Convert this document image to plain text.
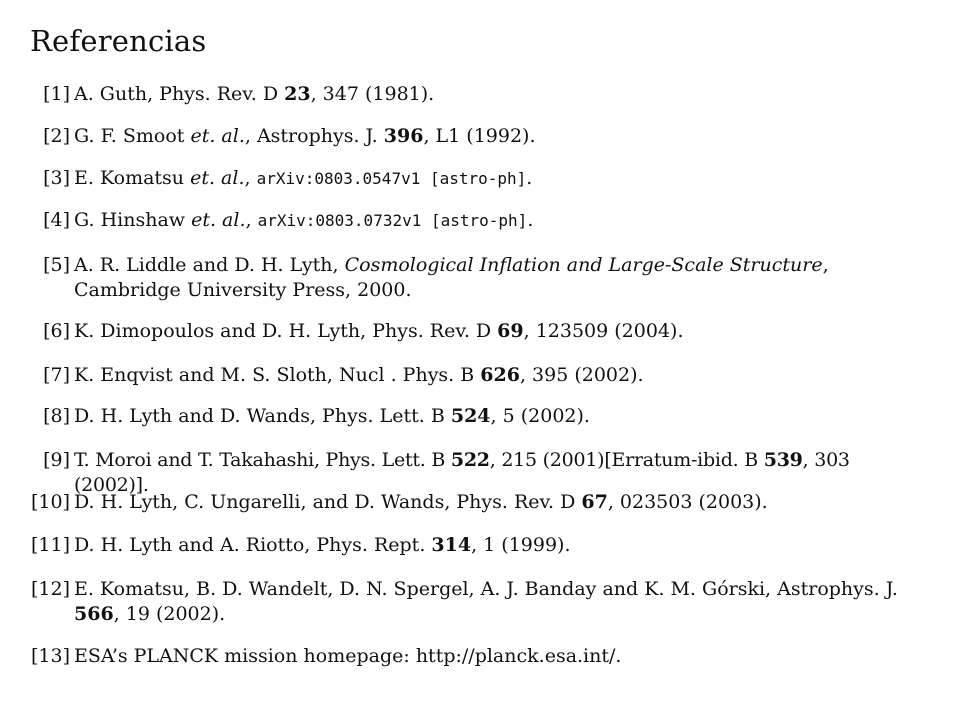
Referencias
[1] A. Guth, Phys. Rev. D 23, 347 (1981).
[2] G. F. Smoot et. al., Astrophys. J. 396, L1 (1992).
[3] E. Komatsu et. al., arXiv:0803.0547v1 [astro-ph].
[4] G. Hinshaw et. al., arXiv:0803.0732v1 [astro-ph].
[5] A. R. Liddle and D. H. Lyth, Cosmological Inflation and Large-Scale Structure, Cambridge University Press, 2000.
[6] K. Dimopoulos and D. H. Lyth, Phys. Rev. D 69, 123509 (2004).
[7] K. Enqvist and M. S. Sloth, Nucl . Phys. B 626, 395 (2002).
[8] D. H. Lyth and D. Wands, Phys. Lett. B 524, 5 (2002).
[9] T. Moroi and T. Takahashi, Phys. Lett. B 522, 215 (2001)[Erratum-ibid. B 539, 303 (2002)].
[10] D. H. Lyth, C. Ungarelli, and D. Wands, Phys. Rev. D 67, 023503 (2003).
[11] D. H. Lyth and A. Riotto, Phys. Rept. 314, 1 (1999).
[12] E. Komatsu, B. D. Wandelt, D. N. Spergel, A. J. Banday and K. M. Górski, Astrophys. J. 566, 19 (2002).
[13] ESA’s PLANCK mission homepage: http://planck.esa.int/.
